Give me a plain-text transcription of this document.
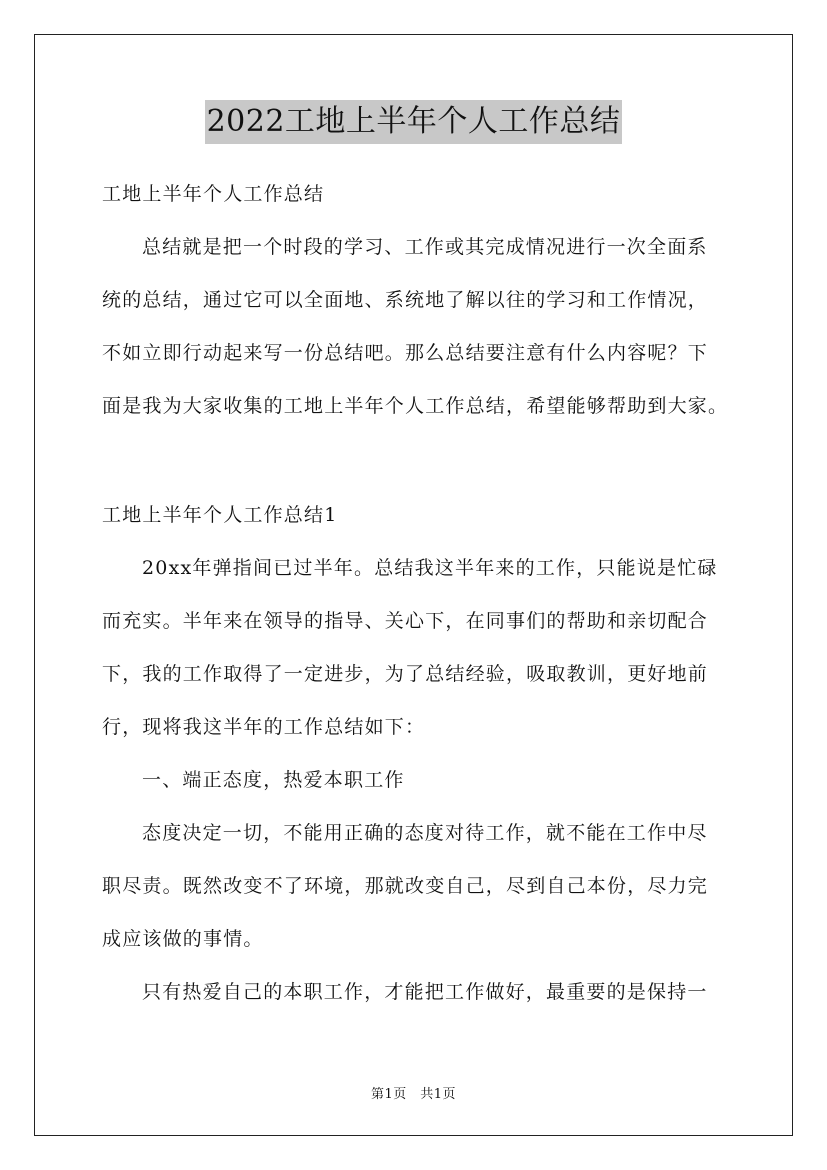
2022工地上半年个人工作总结
工地上半年个人工作总结
总结就是把一个时段的学习、工作或其完成情况进行一次全面系
统的总结，通过它可以全面地、系统地了解以往的学习和工作情况，
不如立即行动起来写一份总结吧。那么总结要注意有什么内容呢？下
面是我为大家收集的工地上半年个人工作总结，希望能够帮助到大家。
工地上半年个人工作总结1
20xx年弹指间已过半年。总结我这半年来的工作，只能说是忙碌
而充实。半年来在领导的指导、关心下，在同事们的帮助和亲切配合
下，我的工作取得了一定进步，为了总结经验，吸取教训，更好地前
行，现将我这半年的工作总结如下：
一、端正态度，热爱本职工作
态度决定一切，不能用正确的态度对待工作，就不能在工作中尽
职尽责。既然改变不了环境，那就改变自己，尽到自己本份，尽力完
成应该做的事情。
只有热爱自己的本职工作，才能把工作做好，最重要的是保持一
第1页　共1页
